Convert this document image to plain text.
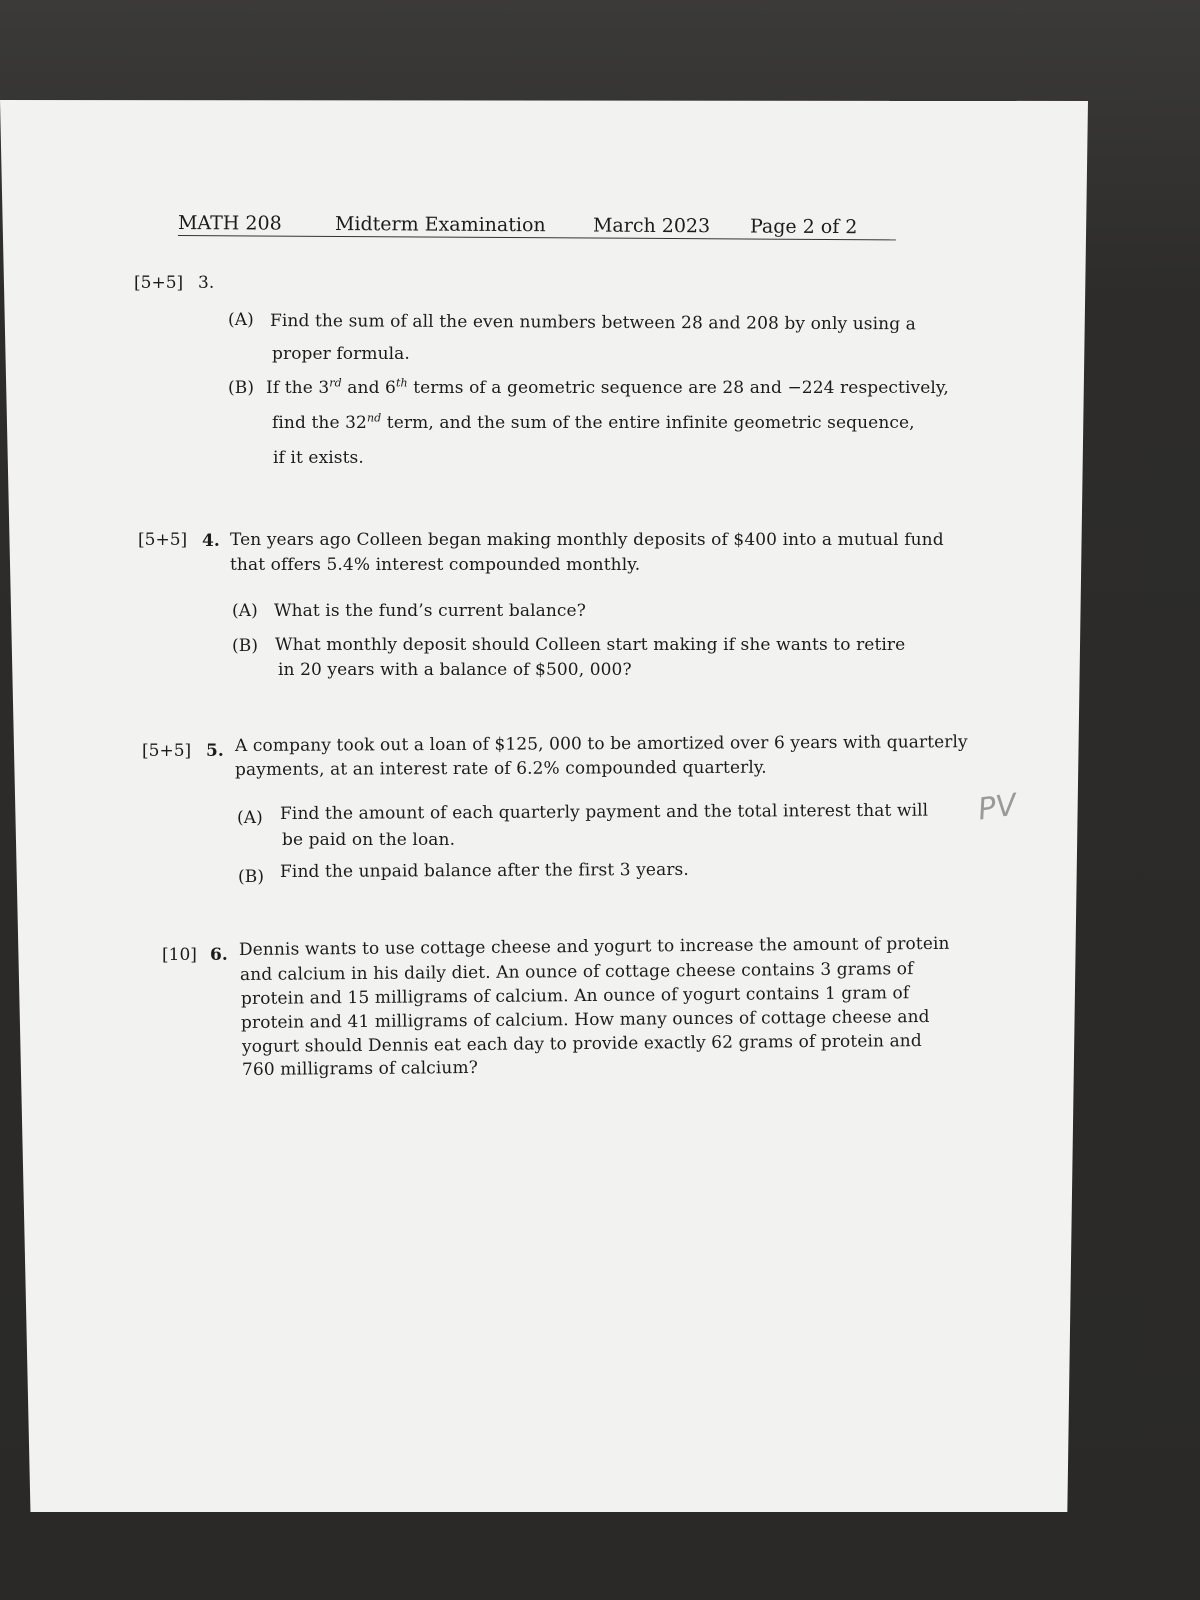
MATH 208	Midterm Examination March 2023 Page 2 of 2
[5+5] 3.
(A) Find the sum of all the even numbers between 28 and 208 by only using a
proper formula.
(B) If the 3rd and 6th terms of a geometric sequence are 28 and −224 respectively,
find the 32nd term, and the sum of the entire infinite geometric sequence,
if it exists.
[5+5] 4. Ten years ago Colleen began making monthly deposits of $400 into a mutual fund
that offers 5.4% interest compounded monthly.
(A) What is the fund’s current balance?
(B) What monthly deposit should Colleen start making if she wants to retire
in 20 years with a balance of $500, 000?
[5+5] 5. A company took out a loan of $125, 000 to be amortized over 6 years with quarterly
payments, at an interest rate of 6.2% compounded quarterly.
(A) Find the amount of each quarterly payment and the total interest that will
be paid on the loan.
(B) Find the unpaid balance after the first 3 years.
[10] 6. Dennis wants to use cottage cheese and yogurt to increase the amount of protein
and calcium in his daily diet. An ounce of cottage cheese contains 3 grams of
protein and 15 milligrams of calcium. An ounce of yogurt contains 1 gram of
protein and 41 milligrams of calcium. How many ounces of cottage cheese and
yogurt should Dennis eat each day to provide exactly 62 grams of protein and
760 milligrams of calcium?
PV
